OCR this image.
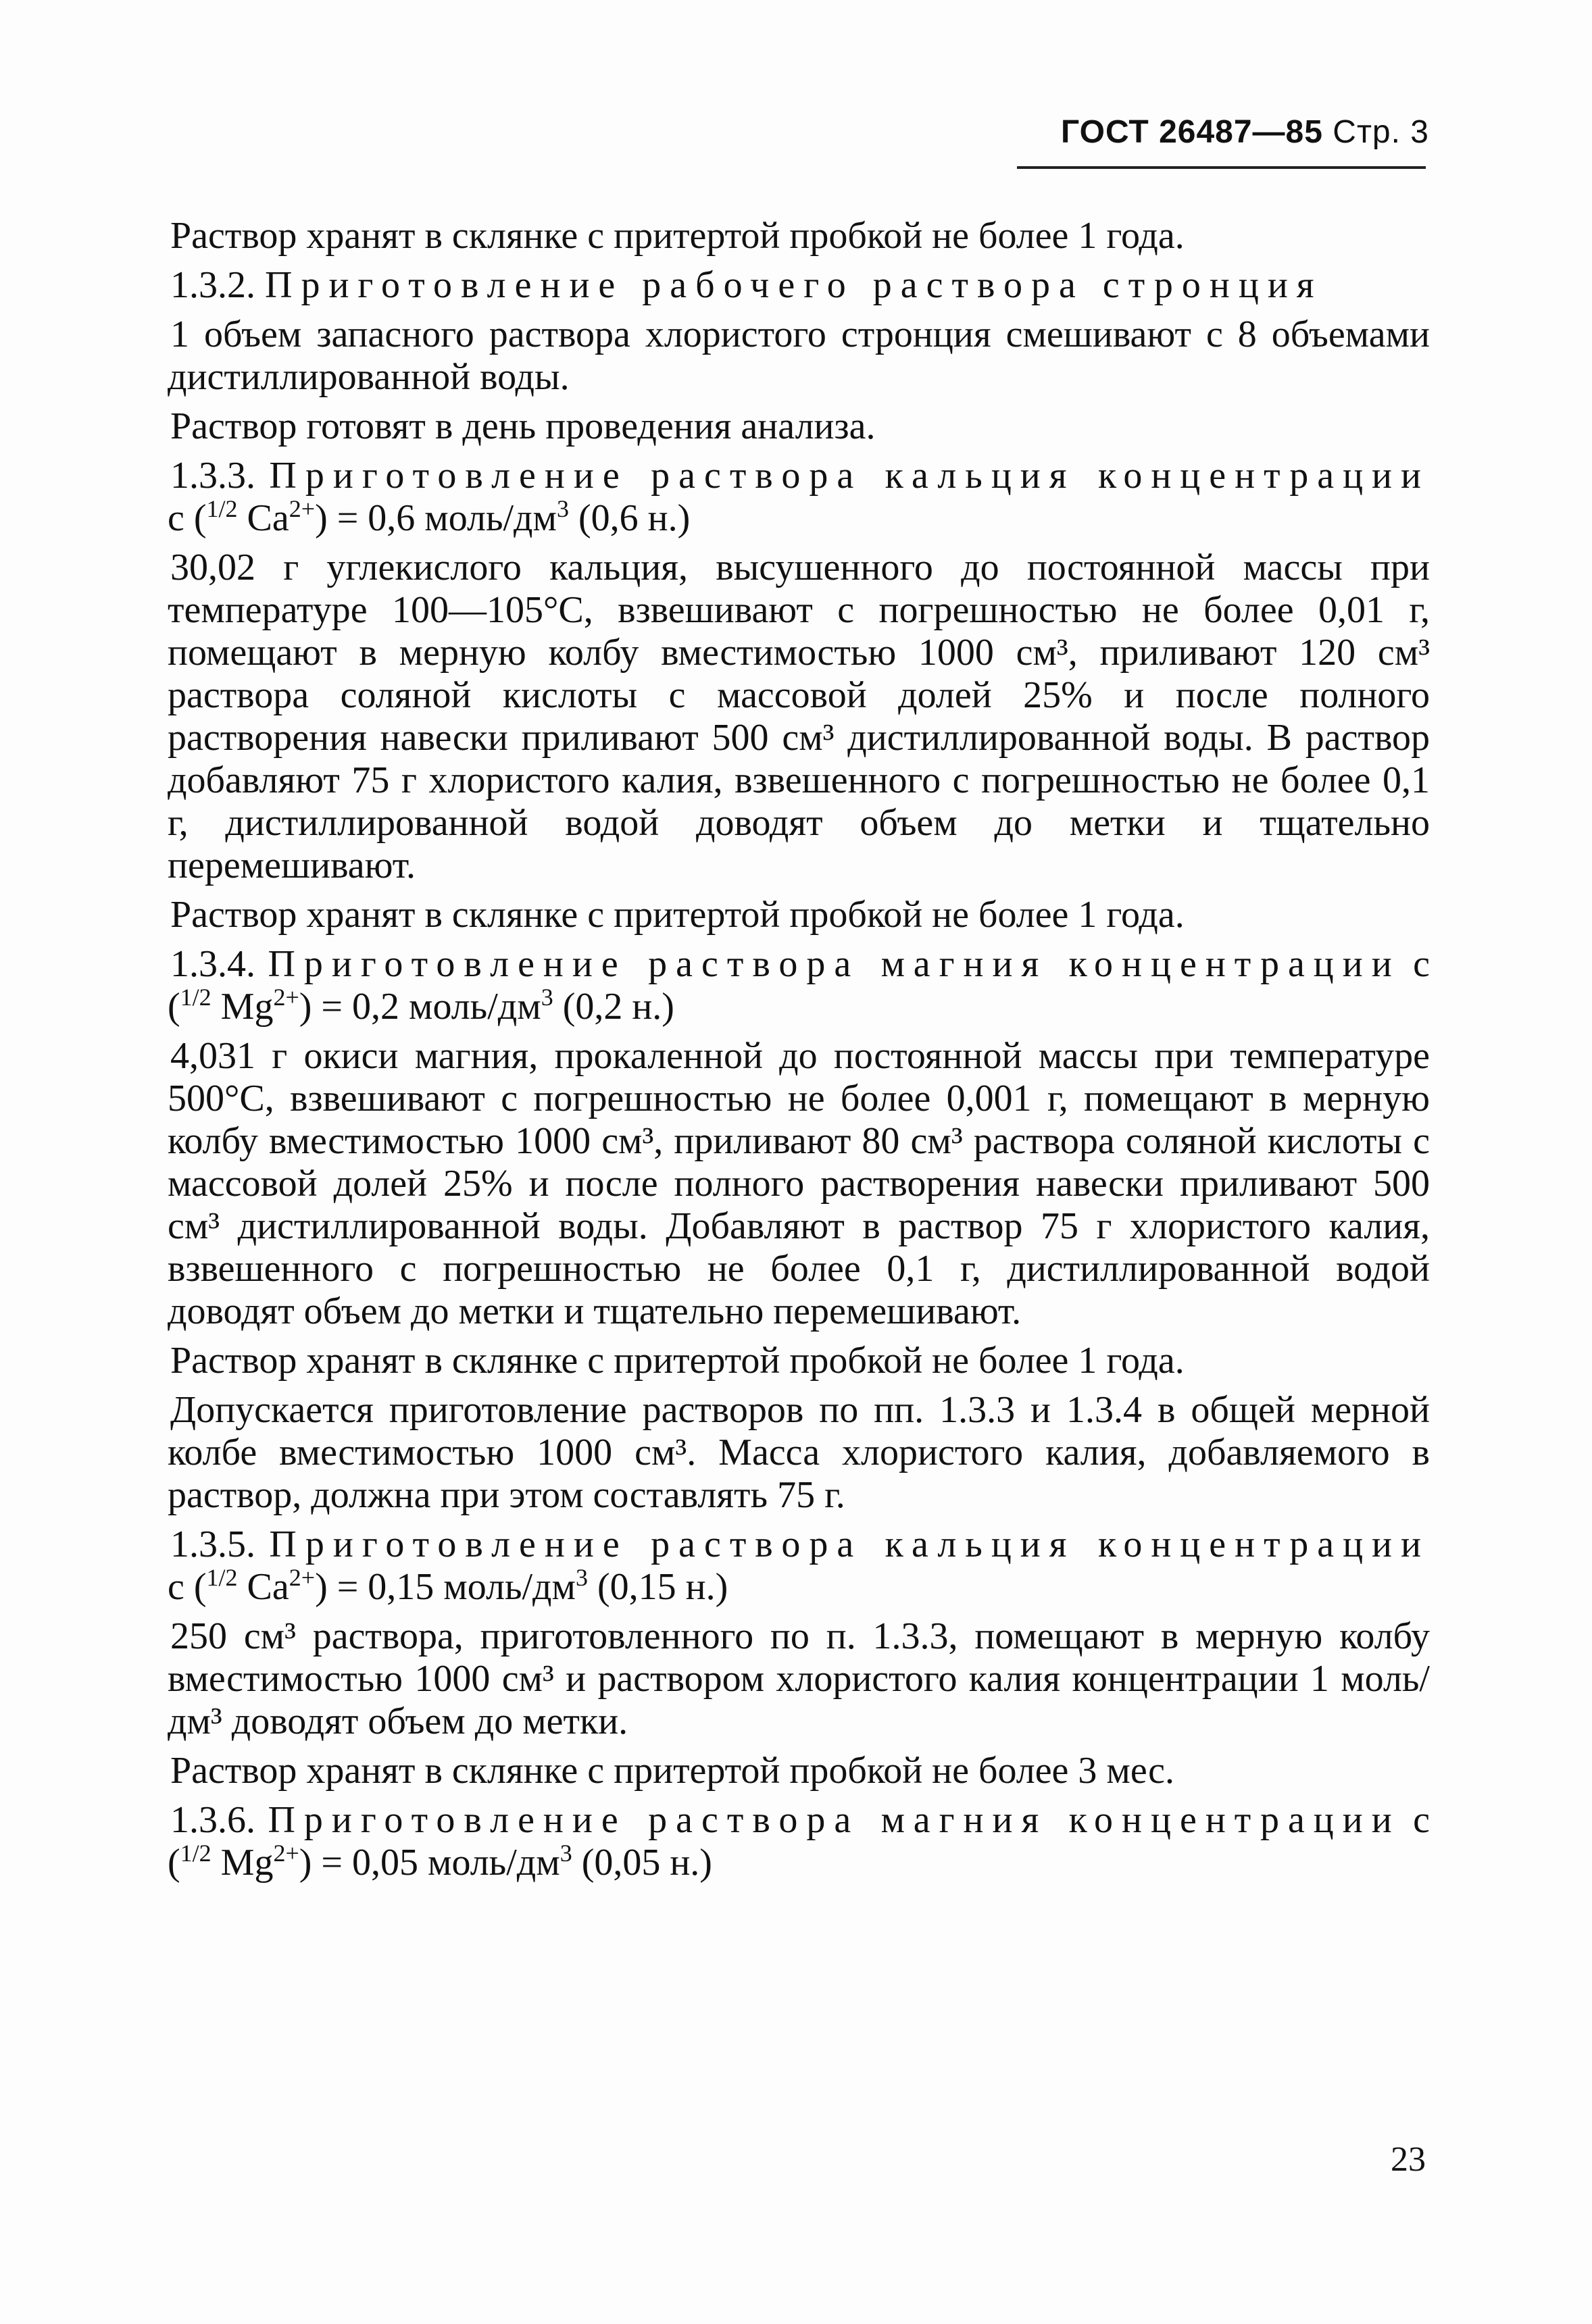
ГОСТ 26487—85 Стр. 3

Раствор хранят в склянке с притертой пробкой не более 1 года.

1.3.2. Приготовление рабочего раствора стронция

1 объем запасного раствора хлористого стронция смешивают с 8 объемами дистиллированной воды.

Раствор готовят в день проведения анализа.

1.3.3. Приготовление раствора кальция концентрации с ($^{1/2}$ $Ca^{2+}) = 0,6$ моль/$дм^3$ (0,6 н.)

30,02 г углекислого кальция, высушенного до постоянной массы при температуре 100—105°С, взвешивают с погрешностью не более 0,01 г, помещают в мерную колбу вместимостью 1000 см³, приливают 120 см³ раствора соляной кислоты с массовой долей 25% и после полного растворения навески приливают 500 см³ дистиллированной воды. В раствор добавляют 75 г хлористого калия, взвешенного с погрешностью не более 0,1 г, дистиллированной водой доводят объем до метки и тщательно перемешивают.

Раствор хранят в склянке с притертой пробкой не более 1 года.

1.3.4. Приготовление раствора магния концентрации с ($^{1/2}$ $Mg^{2+}) = 0,2$ моль/$дм^3$ (0,2 н.)

4,031 г окиси магния, прокаленной до постоянной массы при температуре 500°С, взвешивают с погрешностью не более 0,001 г, помещают в мерную колбу вместимостью 1000 см³, приливают 80 см³ раствора соляной кислоты с массовой долей 25% и после полного растворения навески приливают 500 см³ дистиллированной воды. Добавляют в раствор 75 г хлористого калия, взвешенного с погрешностью не более 0,1 г, дистиллированной водой доводят объем до метки и тщательно перемешивают.

Раствор хранят в склянке с притертой пробкой не более 1 года.

Допускается приготовление растворов по пп. 1.3.3 и 1.3.4 в общей мерной колбе вместимостью 1000 см³. Масса хлористого калия, добавляемого в раствор, должна при этом составлять 75 г.

1.3.5. Приготовление раствора кальция концентрации с ($^{1/2}$ $Ca^{2+}) = 0,15$ моль/$дм^3$ (0,15 н.)

250 см³ раствора, приготовленного по п. 1.3.3, помещают в мерную колбу вместимостью 1000 см³ и раствором хлористого калия концентрации 1 моль/дм³ доводят объем до метки.

Раствор хранят в склянке с притертой пробкой не более 3 мес.

1.3.6. Приготовление раствора магния концентрации с ($^{1/2}$ $Mg^{2+}) = 0,05$ моль/$дм^3$ (0,05 н.)

23
